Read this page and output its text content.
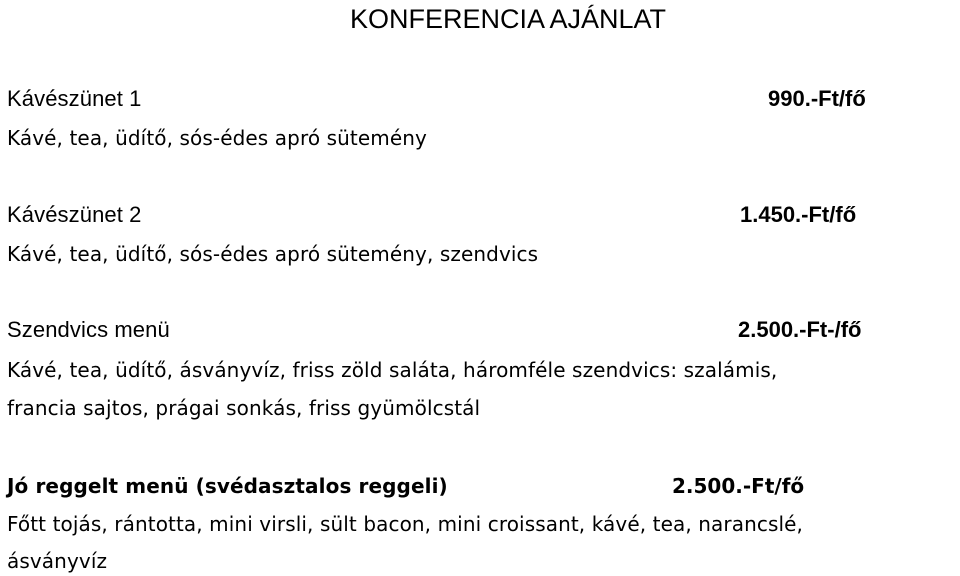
KONFERENCIA AJÁNLAT
Kávészünet 1	990.-Ft/fő
Kávé, tea, üdítő, sós-édes apró sütemény
Kávészünet 2	1.450.-Ft/fő
Kávé, tea, üdítő, sós-édes apró sütemény, szendvics
Szendvics menü	2.500.-Ft-/fő
Kávé, tea, üdítő, ásványvíz, friss zöld saláta, háromféle szendvics: szalámis,
francia sajtos, prágai sonkás, friss gyümölcstál
Jó reggelt menü (svédasztalos reggeli)	2.500.-Ft/fő
Főtt tojás, rántotta, mini virsli, sült bacon, mini croissant, kávé, tea, narancslé,
ásványvíz
